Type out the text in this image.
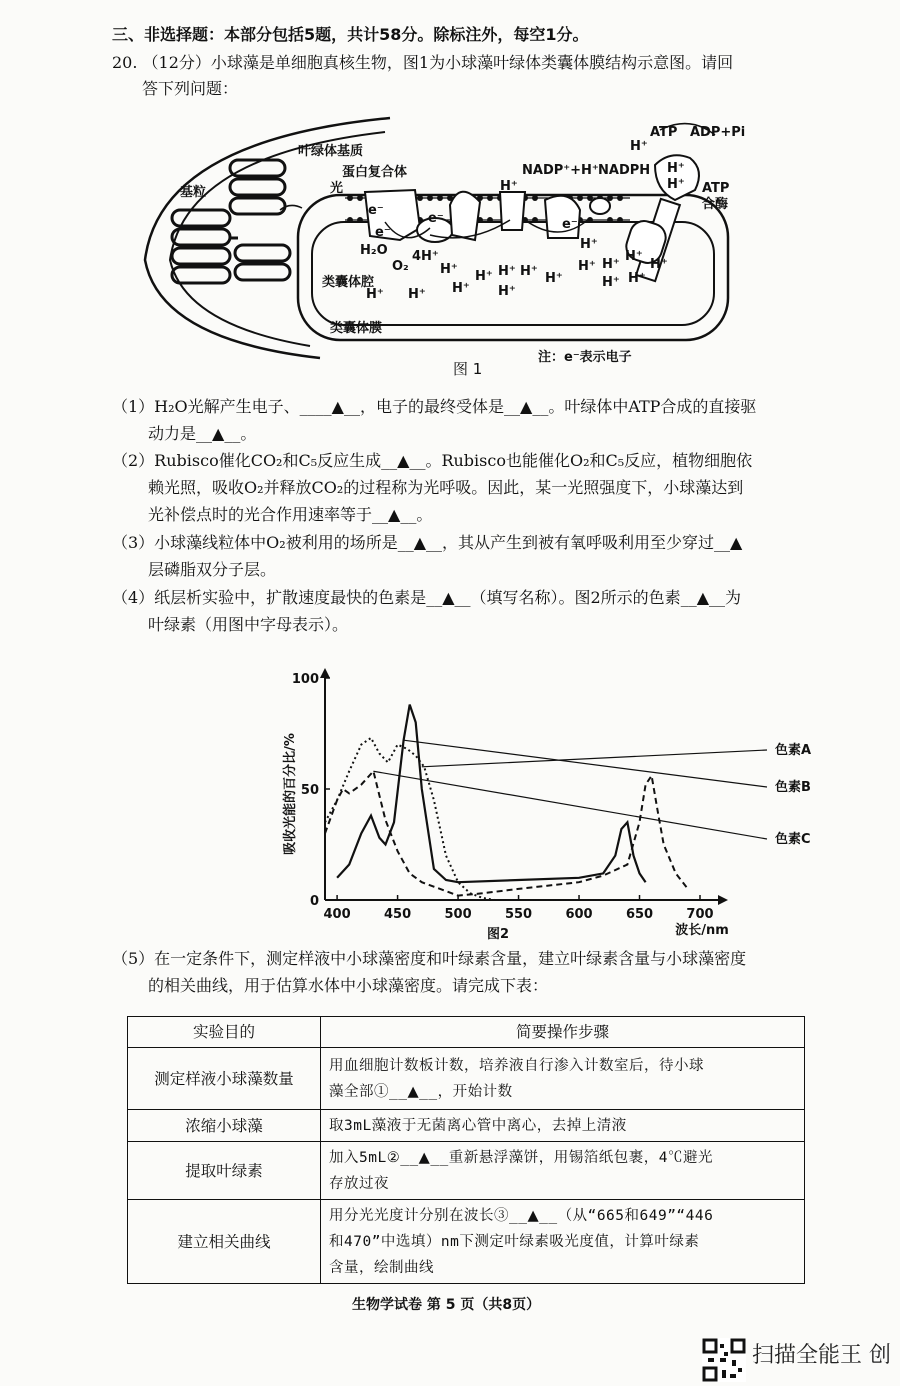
三、非选择题：本部分包括5题，共计58分。除标注外，每空1分。
20. （12分）小球藻是单细胞真核生物，图1为小球藻叶绿体类囊体膜结构示意图。请回
答下列问题：
叶绿体基质
基粒
蛋白复合体
光
NADP⁺+H⁺ NADPH
ATP ADP+Pi
ATP
合酶
H₂O
O₂
4H⁺
类囊体腔
类囊体膜
H⁺ H⁺
H⁺
H⁺
H⁺ H⁺
H⁺
H⁺ H⁺
H⁺
H⁺ H⁺
H⁺
H⁺
H⁺
H⁺
H⁺
H⁺
H⁺
H⁺
e⁻
e⁻
e⁻	e⁻
图 1
注：e⁻表示电子
（1）H₂O光解产生电子、____▲__，电子的最终受体是__▲__。叶绿体中ATP合成的直接驱
动力是__▲__。
（2）Rubisco催化CO₂和C₅反应生成__▲__。Rubisco也能催化O₂和C₅反应，植物细胞依
赖光照，吸收O₂并释放CO₂的过程称为光呼吸。因此，某一光照强度下，小球藻达到
光补偿点时的光合作用速率等于__▲__。
（3）小球藻线粒体中O₂被利用的场所是__▲__，其从产生到被有氧呼吸利用至少穿过__▲
层磷脂双分子层。
（4）纸层析实验中，扩散速度最快的色素是__▲__（填写名称）。图2所示的色素__▲__为
叶绿素（用图中字母表示）。
400	450	500	550	600	650	700
0
50
100
色素A
色素B
色素C
波长/nm
图2
吸收光能的百分比/%
（5）在一定条件下，测定样液中小球藻密度和叶绿素含量，建立叶绿素含量与小球藻密度
的相关曲线，用于估算水体中小球藻密度。请完成下表：
实验目的	简要操作步骤
测定样液小球藻数量	用血细胞计数板计数，培养液自行渗入计数室后，待小球
藻全部①__▲__，开始计数

浓缩小球藻	取3mL藻液于无菌离心管中离心，去掉上清液
提取叶绿素	加入5mL②__▲__重新悬浮藻饼，用锡箔纸包裹，4℃避光
存放过夜

建立相关曲线	用分光光度计分别在波长③__▲__（从“665和649”“446
和470”中选填）nm下测定叶绿素吸光度值，计算叶绿素
含量，绘制曲线
生物学试卷 第 5 页（共8页）
扫描全能王 创
